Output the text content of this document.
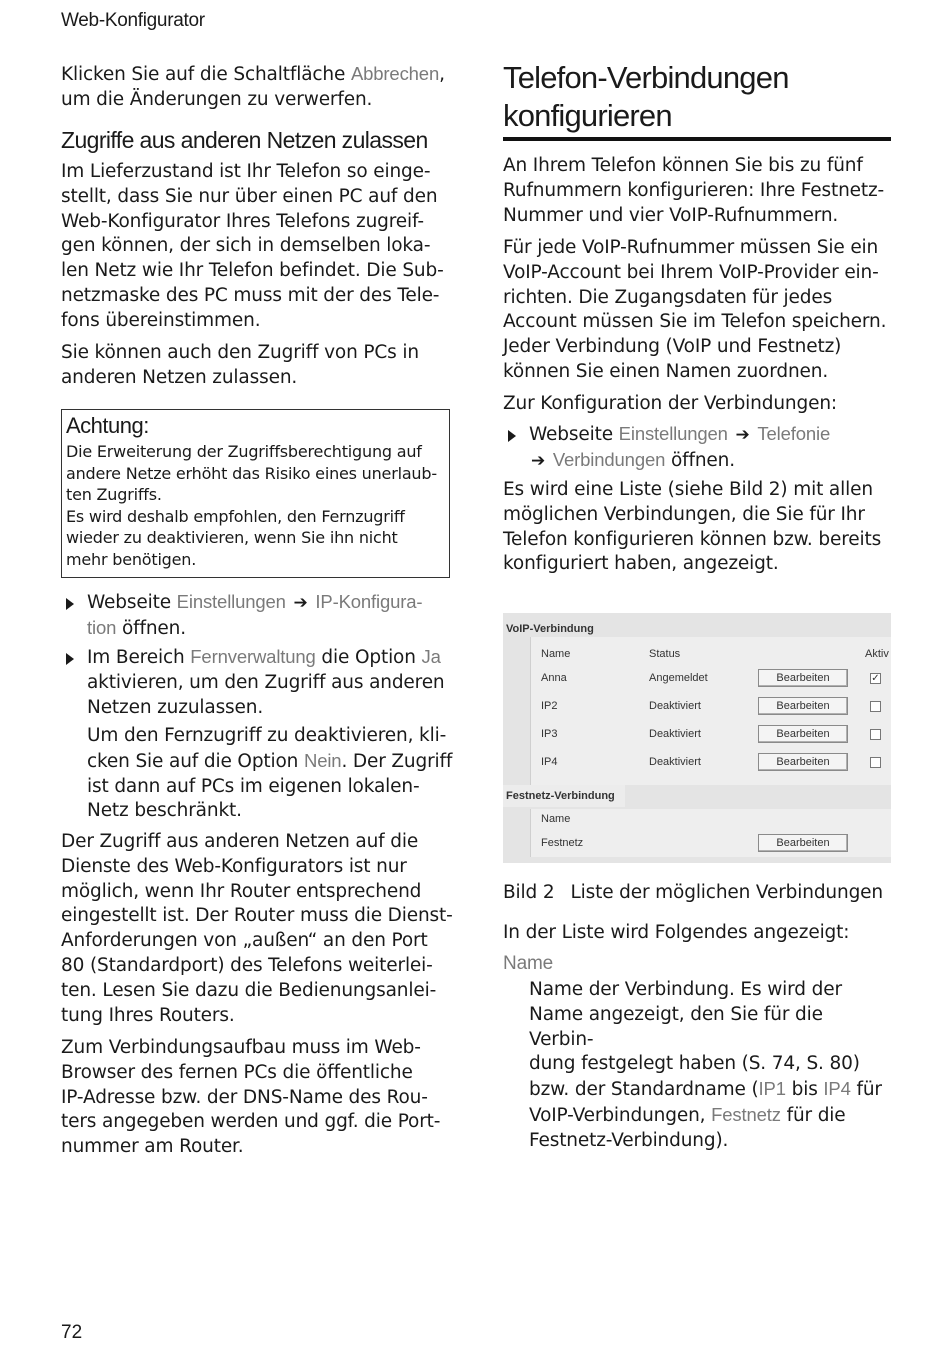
Web-Konfigurator
Klicken Sie auf die Schaltfläche Abbrechen,
um die Änderungen zu verwerfen.
Zugriffe aus anderen Netzen zulassen
Im Lieferzustand ist Ihr Telefon so einge-
stellt, dass Sie nur über einen PC auf den
Web-Konfigurator Ihres Telefons zugreif-
gen können, der sich in demselben loka-
len Netz wie Ihr Telefon befindet. Die Sub-
netzmaske des PC muss mit der des Tele-
fons übereinstimmen.
Sie können auch den Zugriff von PCs in
anderen Netzen zulassen.
Achtung:
Die Erweiterung der Zugriffsberechtigung auf
andere Netze erhöht das Risiko eines unerlaub-
ten Zugriffs.
Es wird deshalb empfohlen, den Fernzugriff
wieder zu deaktivieren, wenn Sie ihn nicht
mehr benötigen.
Webseite Einstellungen ➔ IP-Konfigura-
tion öffnen.
Im Bereich Fernverwaltung die Option Ja
aktivieren, um den Zugriff aus anderen
Netzen zuzulassen.
Um den Fernzugriff zu deaktivieren, kli-
cken Sie auf die Option Nein. Der Zugriff
ist dann auf PCs im eigenen lokalen-
Netz beschränkt.
Der Zugriff aus anderen Netzen auf die
Dienste des Web-Konfigurators ist nur
möglich, wenn Ihr Router entsprechend
eingestellt ist. Der Router muss die Dienst-
Anforderungen von „außen“ an den Port
80 (Standardport) des Telefons weiterlei-
ten. Lesen Sie dazu die Bedienungsanlei-
tung Ihres Routers.
Zum Verbindungsaufbau muss im Web-
Browser des fernen PCs die öffentliche
IP-Adresse bzw. der DNS-Name des Rou-
ters angegeben werden und ggf. die Port-
nummer am Router.
Telefon-Verbindungen
konfigurieren
An Ihrem Telefon können Sie bis zu fünf
Rufnummern konfigurieren: Ihre Festnetz-
Nummer und vier VoIP-Rufnummern.
Für jede VoIP-Rufnummer müssen Sie ein
VoIP-Account bei Ihrem VoIP-Provider ein-
richten. Die Zugangsdaten für jedes
Account müssen Sie im Telefon speichern.
Jeder Verbindung (VoIP und Festnetz)
können Sie einen Namen zuordnen.
Zur Konfiguration der Verbindungen:
Webseite Einstellungen ➔ Telefonie
➔ Verbindungen öffnen.
Es wird eine Liste (siehe Bild 2) mit allen
möglichen Verbindungen, die Sie für Ihr
Telefon konfigurieren können bzw. bereits
konfiguriert haben, angezeigt.
Bild 2 Liste der möglichen Verbindungen
In der Liste wird Folgendes angezeigt:
Name
Name der Verbindung. Es wird der
Name angezeigt, den Sie für die Verbin-
dung festgelegt haben (S. 74, S. 80)
bzw. der Standardname (IP1 bis IP4 für
VoIP-Verbindungen, Festnetz für die
Festnetz-Verbindung).
VoIP-Verbindung
Name	Status	Aktiv
Anna	Angemeldet	Bearbeiten	✓
IP2	Deaktiviert	Bearbeiten
IP3	Deaktiviert	Bearbeiten
IP4	Deaktiviert	Bearbeiten
Festnetz-Verbindung
Name
Festnetz	Bearbeiten
72
